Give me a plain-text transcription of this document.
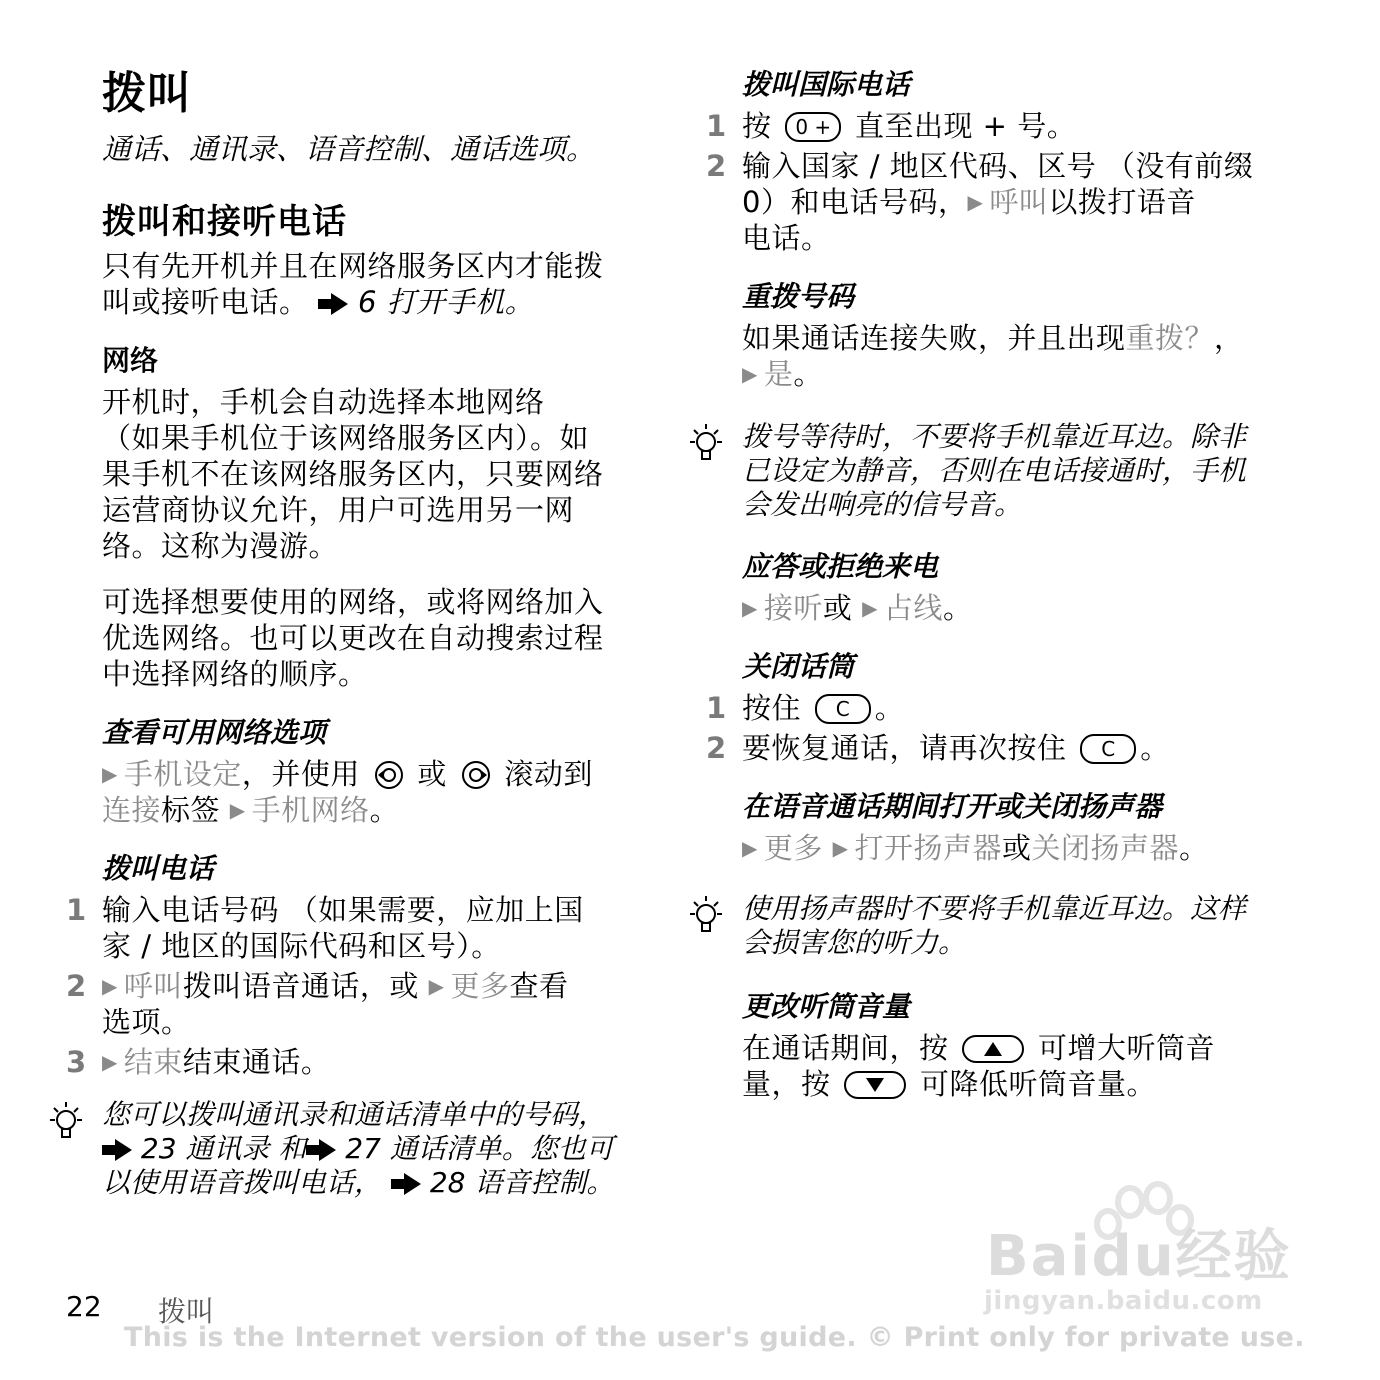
拨叫
通话、通讯录、语音控制、通话选项。
拨叫和接听电话
只有先开机并且在网络服务区内才能拨
叫或接听电话。 6 打开手机。
网络
开机时，手机会自动选择本地网络
（如果手机位于该网络服务区内）。如
果手机不在该网络服务区内，只要网络
运营商协议允许，用户可选用另一网
络。这称为漫游。
可选择想要使用的网络，或将网络加入
优选网络。也可以更改在自动搜索过程
中选择网络的顺序。
查看可用网络选项
▶ 手机设定，并使用 或 滚动到
连接标签 ▶ 手机网络。
拨叫电话
1 输入电话号码 （如果需要，应加上国
家 / 地区的国际代码和区号）。
2 ▶ 呼叫拨叫语音通话，或 ▶ 更多查看
选项。
3 ▶ 结束结束通话。
您可以拨叫通讯录和通话清单中的号码，
23 通讯录 和 27 通话清单。您也可
以使用语音拨叫电话， 28 语音控制。
拨叫国际电话
1 按 0 + 直至出现 + 号。
2 输入国家 / 地区代码、区号 （没有前缀
0）和电话号码，▶ 呼叫以拨打语音
电话。
重拨号码
如果通话连接失败，并且出现重拨？，
▶ 是。
拨号等待时，不要将手机靠近耳边。除非
已设定为静音，否则在电话接通时，手机
会发出响亮的信号音。
应答或拒绝来电
▶ 接听或 ▶ 占线。
关闭话筒
1 按住 C 。
2 要恢复通话，请再次按住 C 。
在语音通话期间打开或关闭扬声器
▶ 更多 ▶ 打开扬声器或关闭扬声器。
使用扬声器时不要将手机靠近耳边。这样
会损害您的听力。
更改听筒音量
在通话期间，按	可增大听筒音
量，按	可降低听筒音量。
Baidu经验
jingyan.baidu.com
22 拨叫
This is the Internet version of the user's guide. © Print only for private use.
